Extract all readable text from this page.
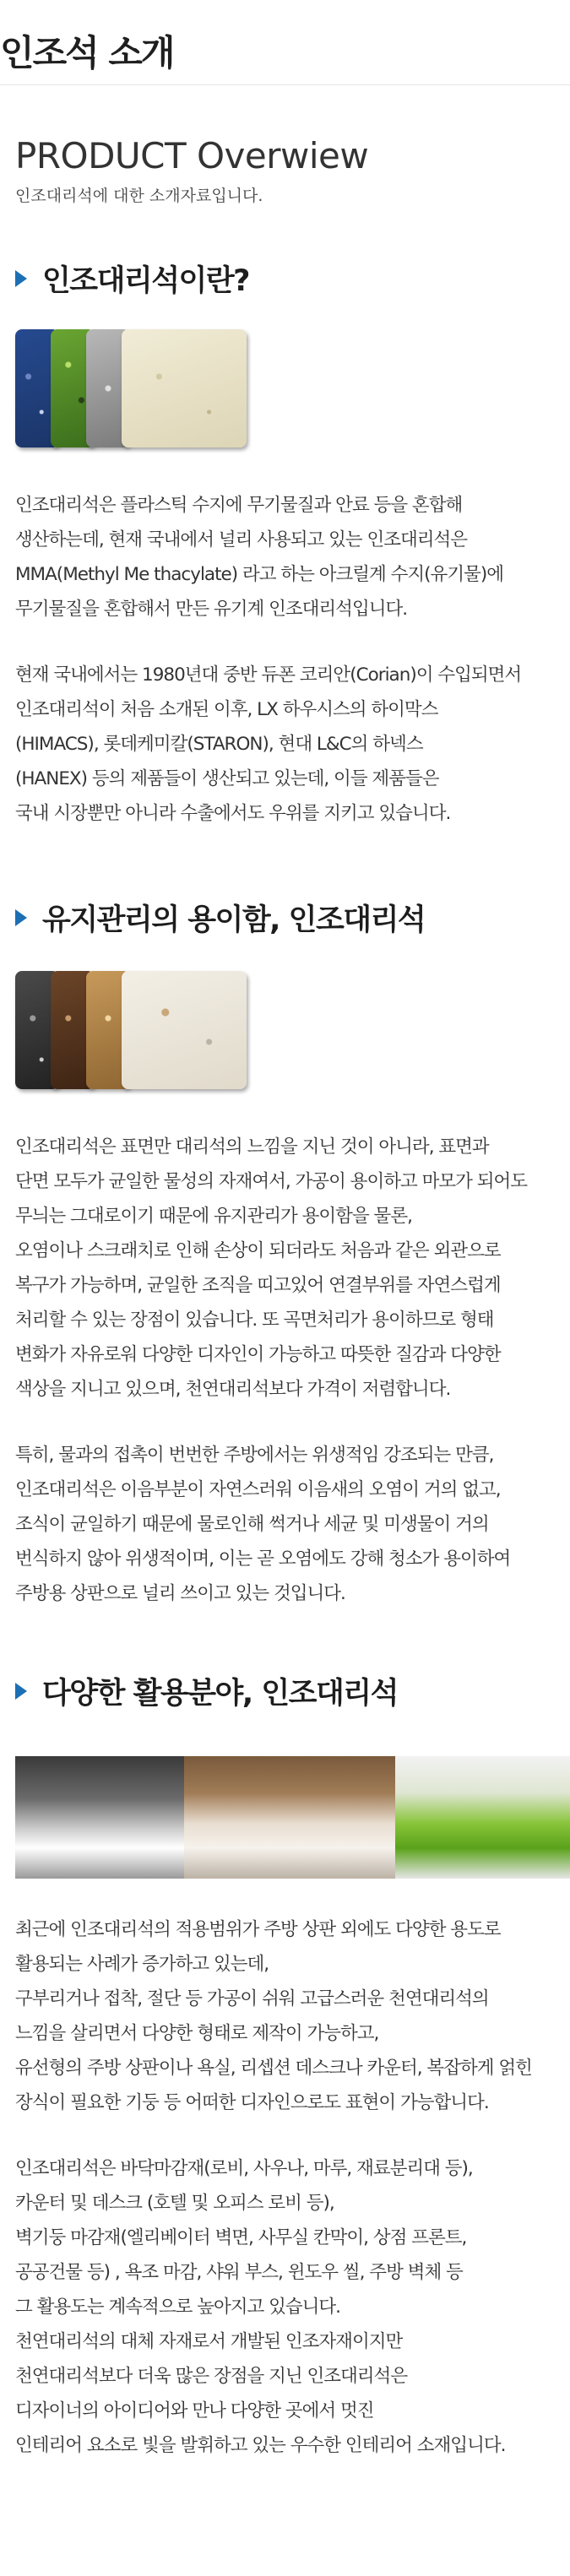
인조석 소개
PRODUCT Overwiew

인조대리석에 대한 소개자료입니다.

인조대리석이란?

인조대리석은 플라스틱 수지에 무기물질과 안료 등을 혼합해

생산하는데, 현재 국내에서 널리 사용되고 있는 인조대리석은

MMA(Methyl Me thacylate) 라고 하는 아크릴계 수지(유기물)에

무기물질을 혼합해서 만든 유기계 인조대리석입니다.

현재 국내에서는 1980년대 중반 듀폰 코리안(Corian)이 수입되면서

인조대리석이 처음 소개된 이후, LX 하우시스의 하이막스

(HIMACS), 롯데케미칼(STARON), 현대 L&C의 하넥스

(HANEX) 등의 제품들이 생산되고 있는데, 이들 제품들은

국내 시장뿐만 아니라 수출에서도 우위를 지키고 있습니다.

유지관리의 용이함, 인조대리석

인조대리석은 표면만 대리석의 느낌을 지닌 것이 아니라, 표면과

단면 모두가 균일한 물성의 자재여서, 가공이 용이하고 마모가 되어도

무늬는 그대로이기 때문에 유지관리가 용이함을 물론,

오염이나 스크래치로 인해 손상이 되더라도 처음과 같은 외관으로

복구가 가능하며, 균일한 조직을 띠고있어 연결부위를 자연스럽게

처리할 수 있는 장점이 있습니다. 또 곡면처리가 용이하므로 형태

변화가 자유로워 다양한 디자인이 가능하고 따뜻한 질감과 다양한

색상을 지니고 있으며, 천연대리석보다 가격이 저렴합니다.

특히, 물과의 접촉이 번번한 주방에서는 위생적임 강조되는 만큼,

인조대리석은 이음부분이 자연스러워 이음새의 오염이 거의 없고,

조식이 균일하기 때문에 물로인해 썩거나 세균 및 미생물이 거의

번식하지 않아 위생적이며, 이는 곧 오염에도 강해 청소가 용이하여

주방용 상판으로 널리 쓰이고 있는 것입니다.

다양한 활용분야, 인조대리석

최근에 인조대리석의 적용범위가 주방 상판 외에도 다양한 용도로

활용되는 사례가 증가하고 있는데,

구부리거나 접착, 절단 등 가공이 쉬워 고급스러운 천연대리석의

느낌을 살리면서 다양한 형태로 제작이 가능하고,

유선형의 주방 상판이나 욕실, 리셉션 데스크나 카운터, 복잡하게 얽힌

장식이 필요한 기둥 등 어떠한 디자인으로도 표현이 가능합니다.

인조대리석은 바닥마감재(로비, 사우나, 마루, 재료분리대 등),

카운터 및 데스크 (호텔 및 오피스 로비 등),

벽기둥 마감재(엘리베이터 벽면, 사무실 칸막이, 상점 프론트,

공공건물 등) , 욕조 마감, 샤워 부스, 윈도우 씰, 주방 벽체 등

그 활용도는 계속적으로 높아지고 있습니다.

천연대리석의 대체 자재로서 개발된 인조자재이지만

천연대리석보다 더욱 많은 장점을 지닌 인조대리석은

디자이너의 아이디어와 만나 다양한 곳에서 멋진

인테리어 요소로 빛을 발휘하고 있는 우수한 인테리어 소재입니다.
